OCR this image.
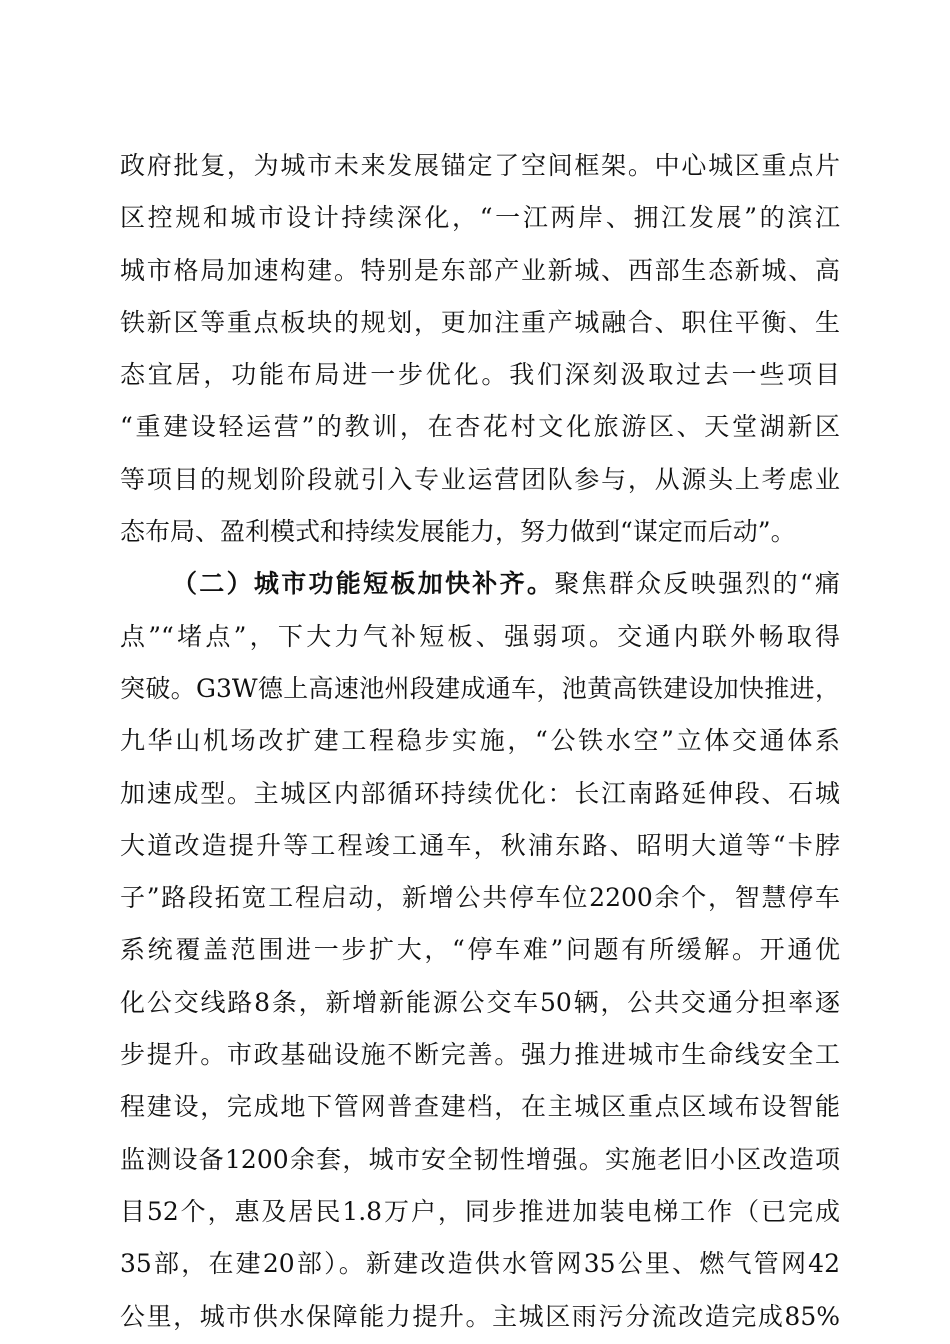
政府批复，为城市未来发展锚定了空间框架。中心城区重点片
区控规和城市设计持续深化，“一江两岸、拥江发展”的滨江
城市格局加速构建。特别是东部产业新城、西部生态新城、高
铁新区等重点板块的规划，更加注重产城融合、职住平衡、生
态宜居，功能布局进一步优化。我们深刻汲取过去一些项目
“重建设轻运营”的教训，在杏花村文化旅游区、天堂湖新区
等项目的规划阶段就引入专业运营团队参与，从源头上考虑业
态布局、盈利模式和持续发展能力，努力做到“谋定而后动”。
（二）城市功能短板加快补齐。聚焦群众反映强烈的“痛
点”“堵点”，下大力气补短板、强弱项。交通内联外畅取得
突破。G3W德上高速池州段建成通车，池黄高铁建设加快推进，
九华山机场改扩建工程稳步实施，“公铁水空”立体交通体系
加速成型。主城区内部循环持续优化：长江南路延伸段、石城
大道改造提升等工程竣工通车，秋浦东路、昭明大道等“卡脖
子”路段拓宽工程启动，新增公共停车位2200余个，智慧停车
系统覆盖范围进一步扩大，“停车难”问题有所缓解。开通优
化公交线路8条，新增新能源公交车50辆，公共交通分担率逐
步提升。市政基础设施不断完善。强力推进城市生命线安全工
程建设，完成地下管网普查建档，在主城区重点区域布设智能
监测设备1200余套，城市安全韧性增强。实施老旧小区改造项
目52个，惠及居民1.8万户，同步推进加装电梯工作（已完成
35部，在建20部）。新建改造供水管网35公里、燃气管网42
公里，城市供水保障能力提升。主城区雨污分流改造完成85%
